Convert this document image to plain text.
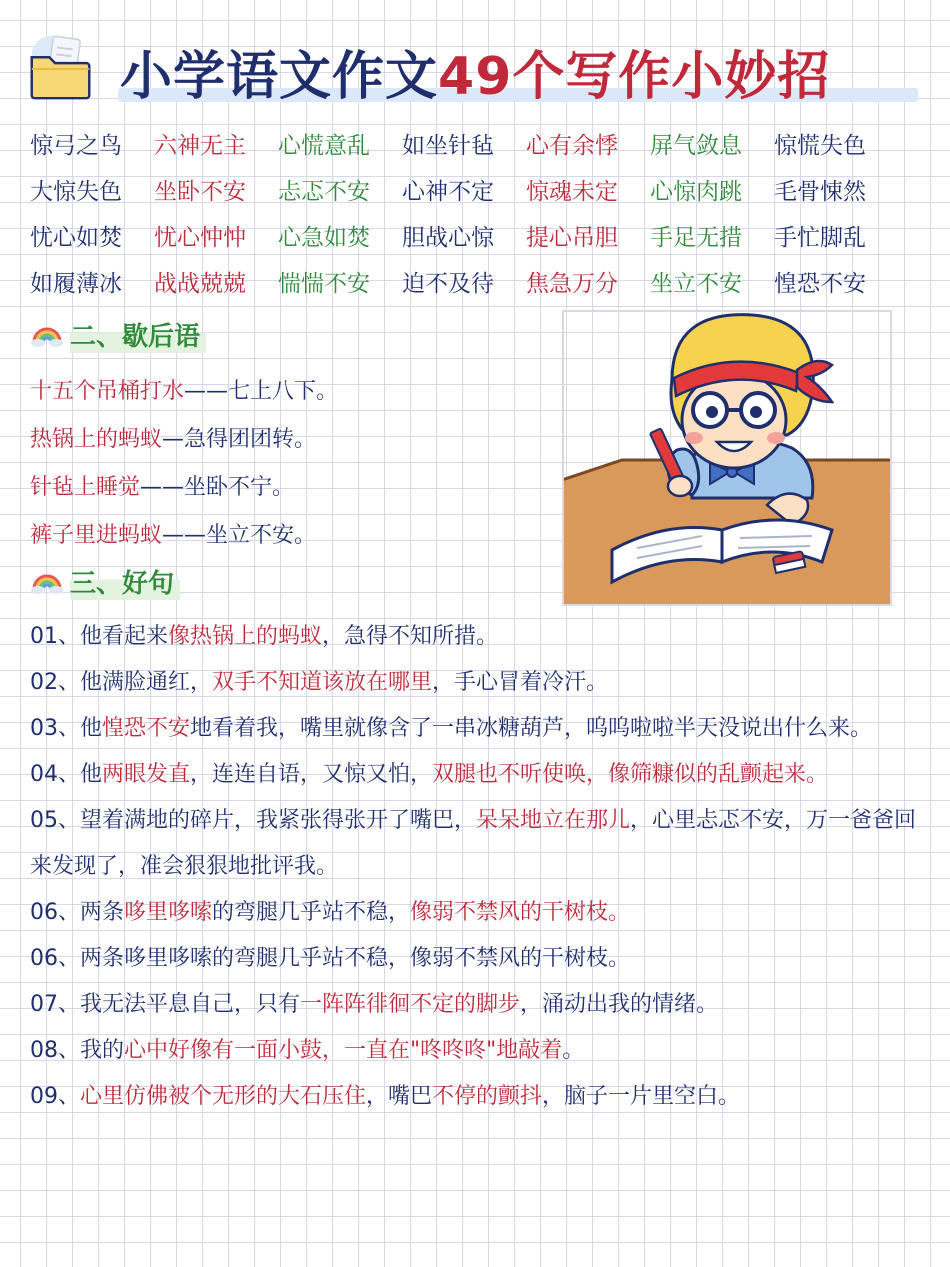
小学语文作文49个写作小妙招
惊弓之鸟	六神无主	心慌意乱	如坐针毡	心有余悸	屏气敛息	惊慌失色
大惊失色	坐卧不安	忐忑不安	心神不定	惊魂未定	心惊肉跳	毛骨悚然
忧心如焚	忧心忡忡	心急如焚	胆战心惊	提心吊胆	手足无措	手忙脚乱
如履薄冰	战战兢兢	惴惴不安	迫不及待	焦急万分	坐立不安	惶恐不安
二、歇后语
十五个吊桶打水——七上八下。
热锅上的蚂蚁—急得团团转。
针毡上睡觉——坐卧不宁。
裤子里进蚂蚁——坐立不安。
三、好句
01、他看起来像热锅上的蚂蚁，急得不知所措。
02、他满脸通红，双手不知道该放在哪里，手心冒着冷汗。
03、他惶恐不安地看着我，嘴里就像含了一串冰糖葫芦，呜呜啦啦半天没说出什么来。
04、他两眼发直，连连自语，又惊又怕，双腿也不听使唤，像筛糠似的乱颤起来。
05、望着满地的碎片，我紧张得张开了嘴巴，呆呆地立在那儿，心里忐忑不安，万一爸爸回来发现了，准会狠狠地批评我。
06、两条哆里哆嗦的弯腿几乎站不稳，像弱不禁风的干树枝。
06、两条哆里哆嗦的弯腿几乎站不稳，像弱不禁风的干树枝。
07、我无法平息自己，只有一阵阵徘徊不定的脚步，涌动出我的情绪。
08、我的心中好像有一面小鼓，一直在"咚咚咚"地敲着。
09、心里仿佛被个无形的大石压住，嘴巴不停的颤抖，脑子一片里空白。
